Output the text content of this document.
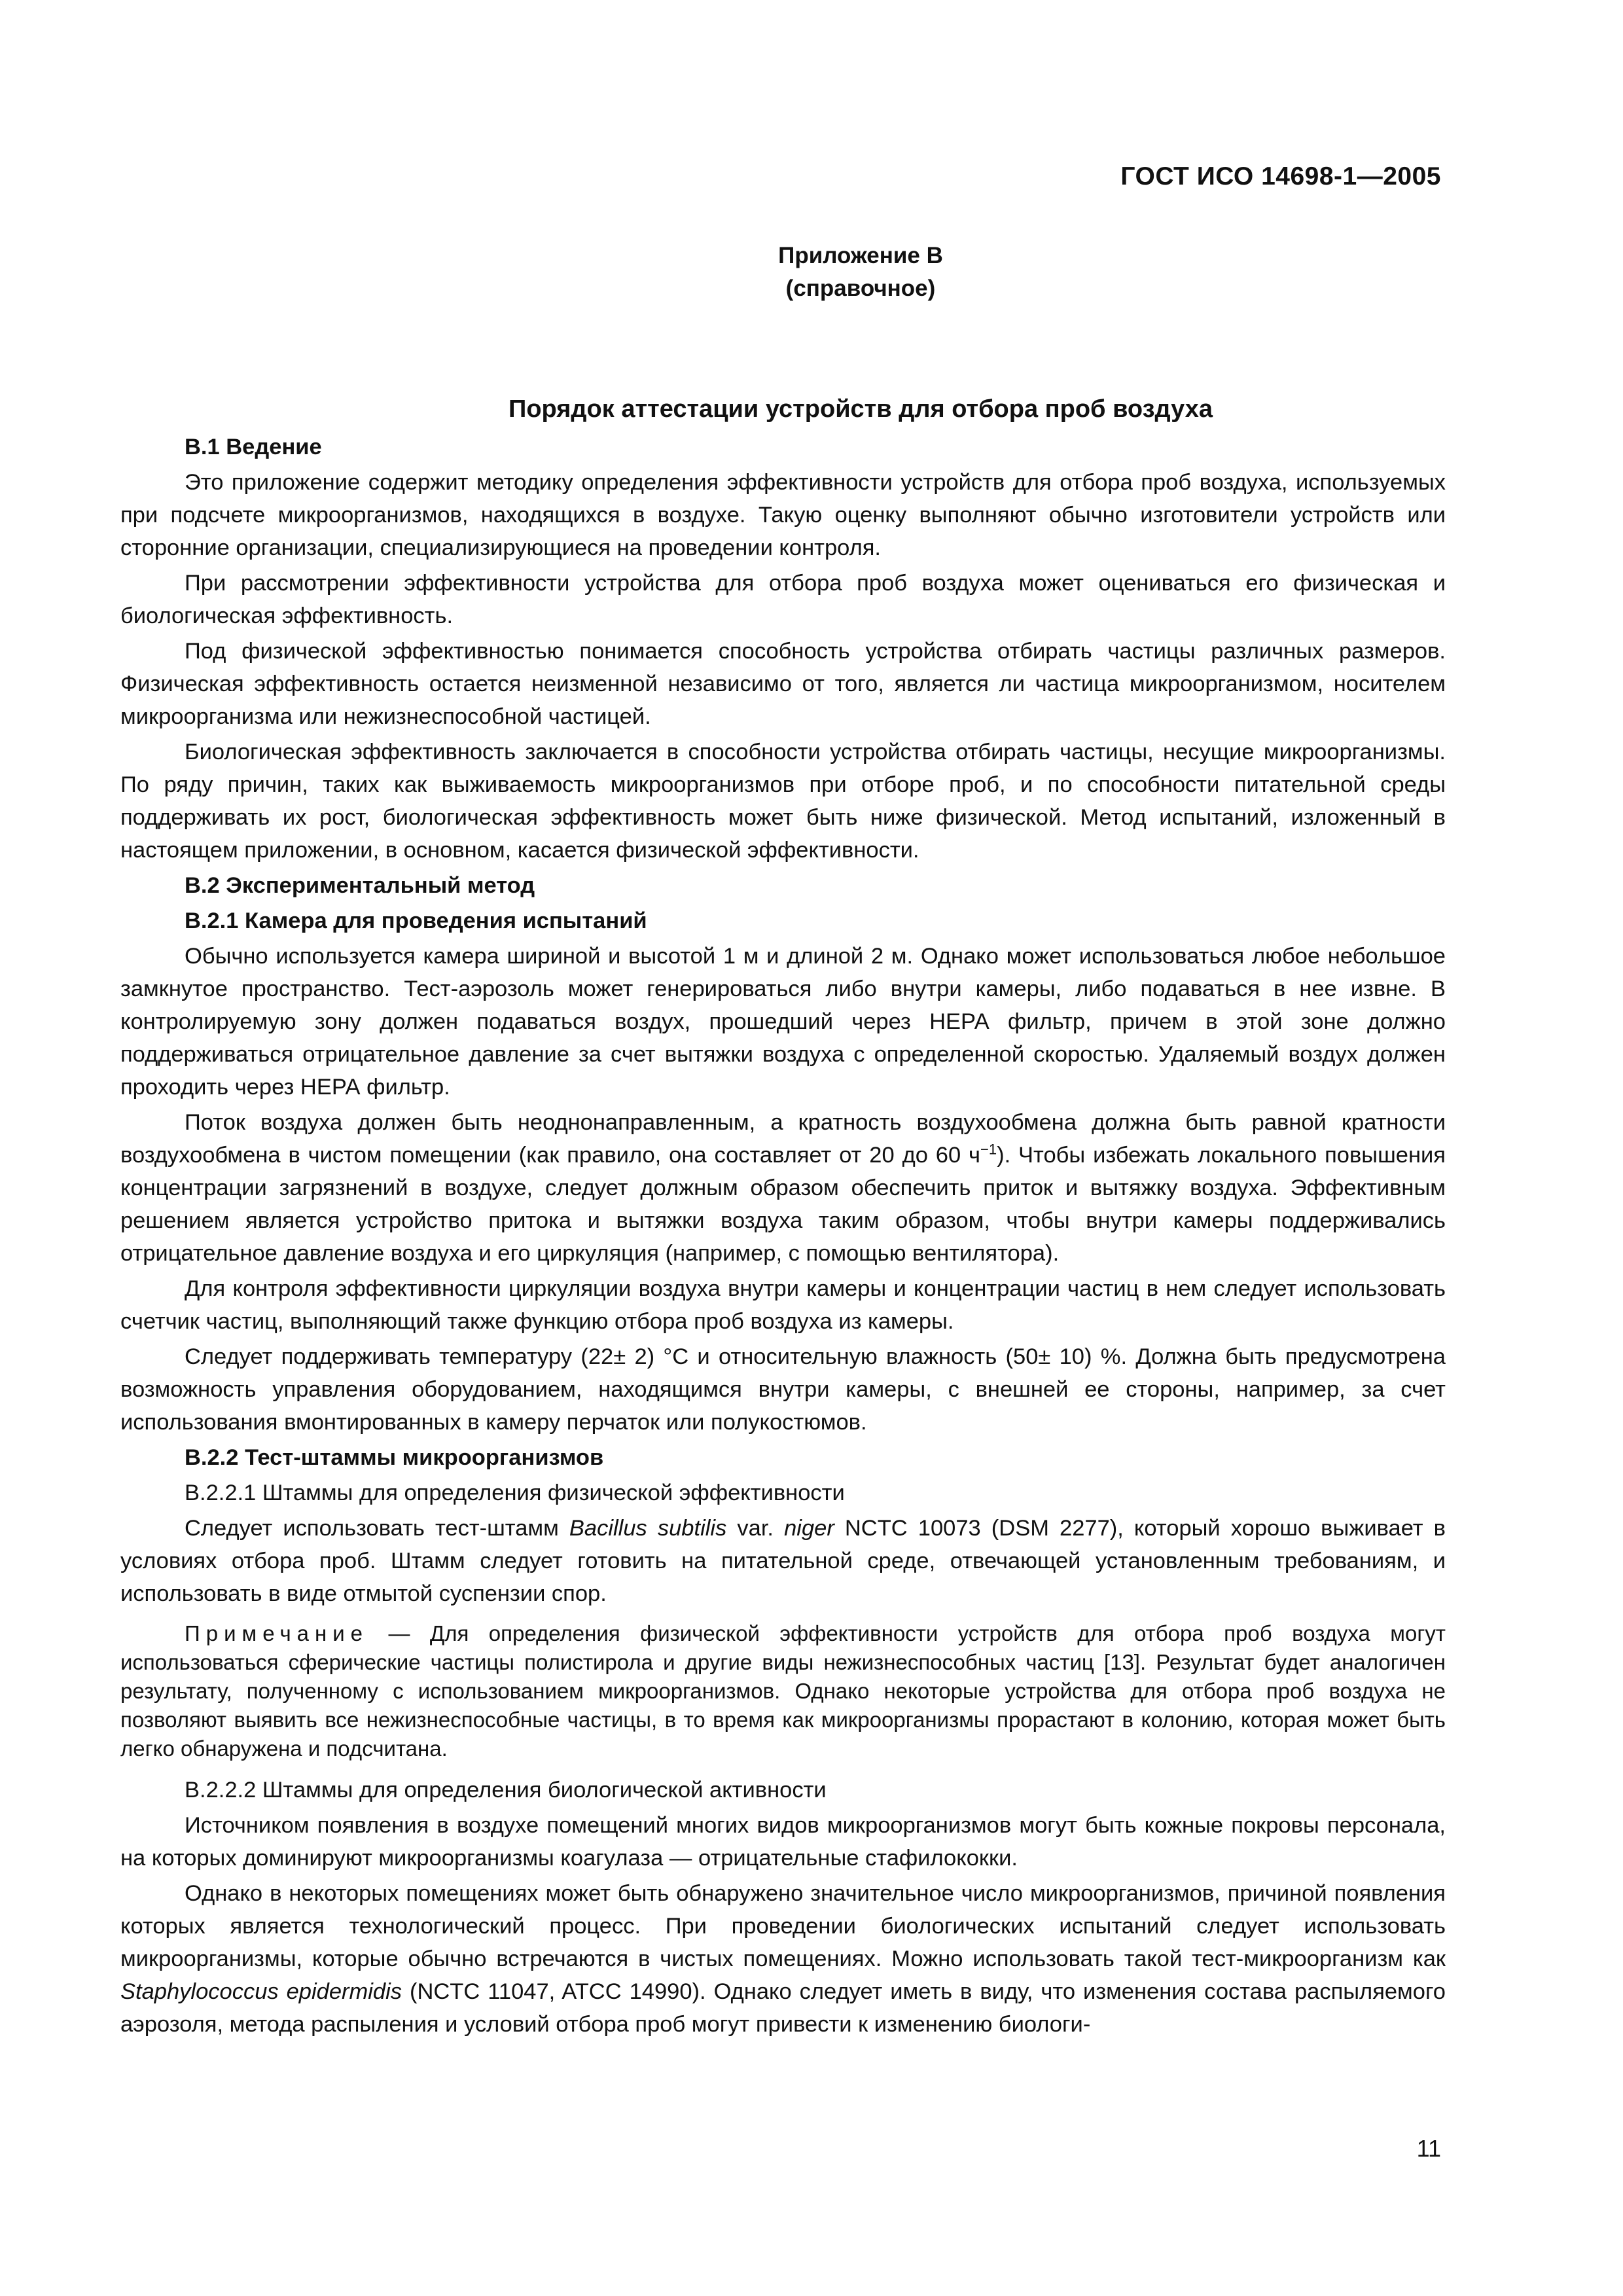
ГОСТ ИСО 14698-1—2005
Приложение В
(справочное)
Порядок аттестации устройств для отбора проб воздуха
В.1 Ведение

Это приложение содержит методику определения эффективности устройств для отбора проб воздуха, используемых при подсчете микроорганизмов, находящихся в воздухе. Такую оценку выполняют обычно изготовители устройств или сторонние организации, специализирующиеся на проведении контроля.

При рассмотрении эффективности устройства для отбора проб воздуха может оцениваться его физическая и биологическая эффективность.

Под физической эффективностью понимается способность устройства отбирать частицы различных размеров. Физическая эффективность остается неизменной независимо от того, является ли частица микроорганизмом, носителем микроорганизма или нежизнеспособной частицей.

Биологическая эффективность заключается в способности устройства отбирать частицы, несущие микроорганизмы. По ряду причин, таких как выживаемость микроорганизмов при отборе проб, и по способности питательной среды поддерживать их рост, биологическая эффективность может быть ниже физической. Метод испытаний, изложенный в настоящем приложении, в основном, касается физической эффективности.

В.2 Экспериментальный метод
В.2.1 Камера для проведения испытаний

Обычно используется камера шириной и высотой 1 м и длиной 2 м. Однако может использоваться любое небольшое замкнутое пространство. Тест-аэрозоль может генерироваться либо внутри камеры, либо подаваться в нее извне. В контролируемую зону должен подаваться воздух, прошедший через НЕРА фильтр, причем в этой зоне должно поддерживаться отрицательное давление за счет вытяжки воздуха с определенной скоростью. Удаляемый воздух должен проходить через НЕРА фильтр.

Поток воздуха должен быть неоднонаправленным, а кратность воздухообмена должна быть равной кратности воздухообмена в чистом помещении (как правило, она составляет от 20 до 60 $ч^{-1}$). Чтобы избежать локального повышения концентрации загрязнений в воздухе, следует должным образом обеспечить приток и вытяжку воздуха. Эффективным решением является устройство притока и вытяжки воздуха таким образом, чтобы внутри камеры поддерживались отрицательное давление воздуха и его циркуляция (например, с помощью вентилятора).

Для контроля эффективности циркуляции воздуха внутри камеры и концентрации частиц в нем следует использовать счетчик частиц, выполняющий также функцию отбора проб воздуха из камеры.

Следует поддерживать температуру (22± 2) °С и относительную влажность (50± 10) %. Должна быть предусмотрена возможность управления оборудованием, находящимся внутри камеры, с внешней ее стороны, например, за счет использования вмонтированных в камеру перчаток или полукостюмов.

В.2.2 Тест-штаммы микроорганизмов
В.2.2.1 Штаммы для определения физической эффективности

Следует использовать тест-штамм Bacillus subtilis var. niger NCTC 10073 (DSM 2277), который хорошо выживает в условиях отбора проб. Штамм следует готовить на питательной среде, отвечающей установленным требованиям, и использовать в виде отмытой суспензии спор.

Примечание — Для определения физической эффективности устройств для отбора проб воздуха могут использоваться сферические частицы полистирола и другие виды нежизнеспособных частиц [13]. Результат будет аналогичен результату, полученному с использованием микроорганизмов. Однако некоторые устройства для отбора проб воздуха не позволяют выявить все нежизнеспособные частицы, в то время как микроорганизмы прорастают в колонию, которая может быть легко обнаружена и подсчитана.

В.2.2.2 Штаммы для определения биологической активности

Источником появления в воздухе помещений многих видов микроорганизмов могут быть кожные покровы персонала, на которых доминируют микроорганизмы коагулаза — отрицательные стафилококки.

Однако в некоторых помещениях может быть обнаружено значительное число микроорганизмов, причиной появления которых является технологический процесс. При проведении биологических испытаний следует использовать микроорганизмы, которые обычно встречаются в чистых помещениях. Можно использовать такой тест-микроорганизм как Staphylococcus epidermidis (NCTC 11047, ATCC 14990). Однако следует иметь в виду, что изменения состава распыляемого аэрозоля, метода распыления и условий отбора проб могут привести к изменению биологи-

11
